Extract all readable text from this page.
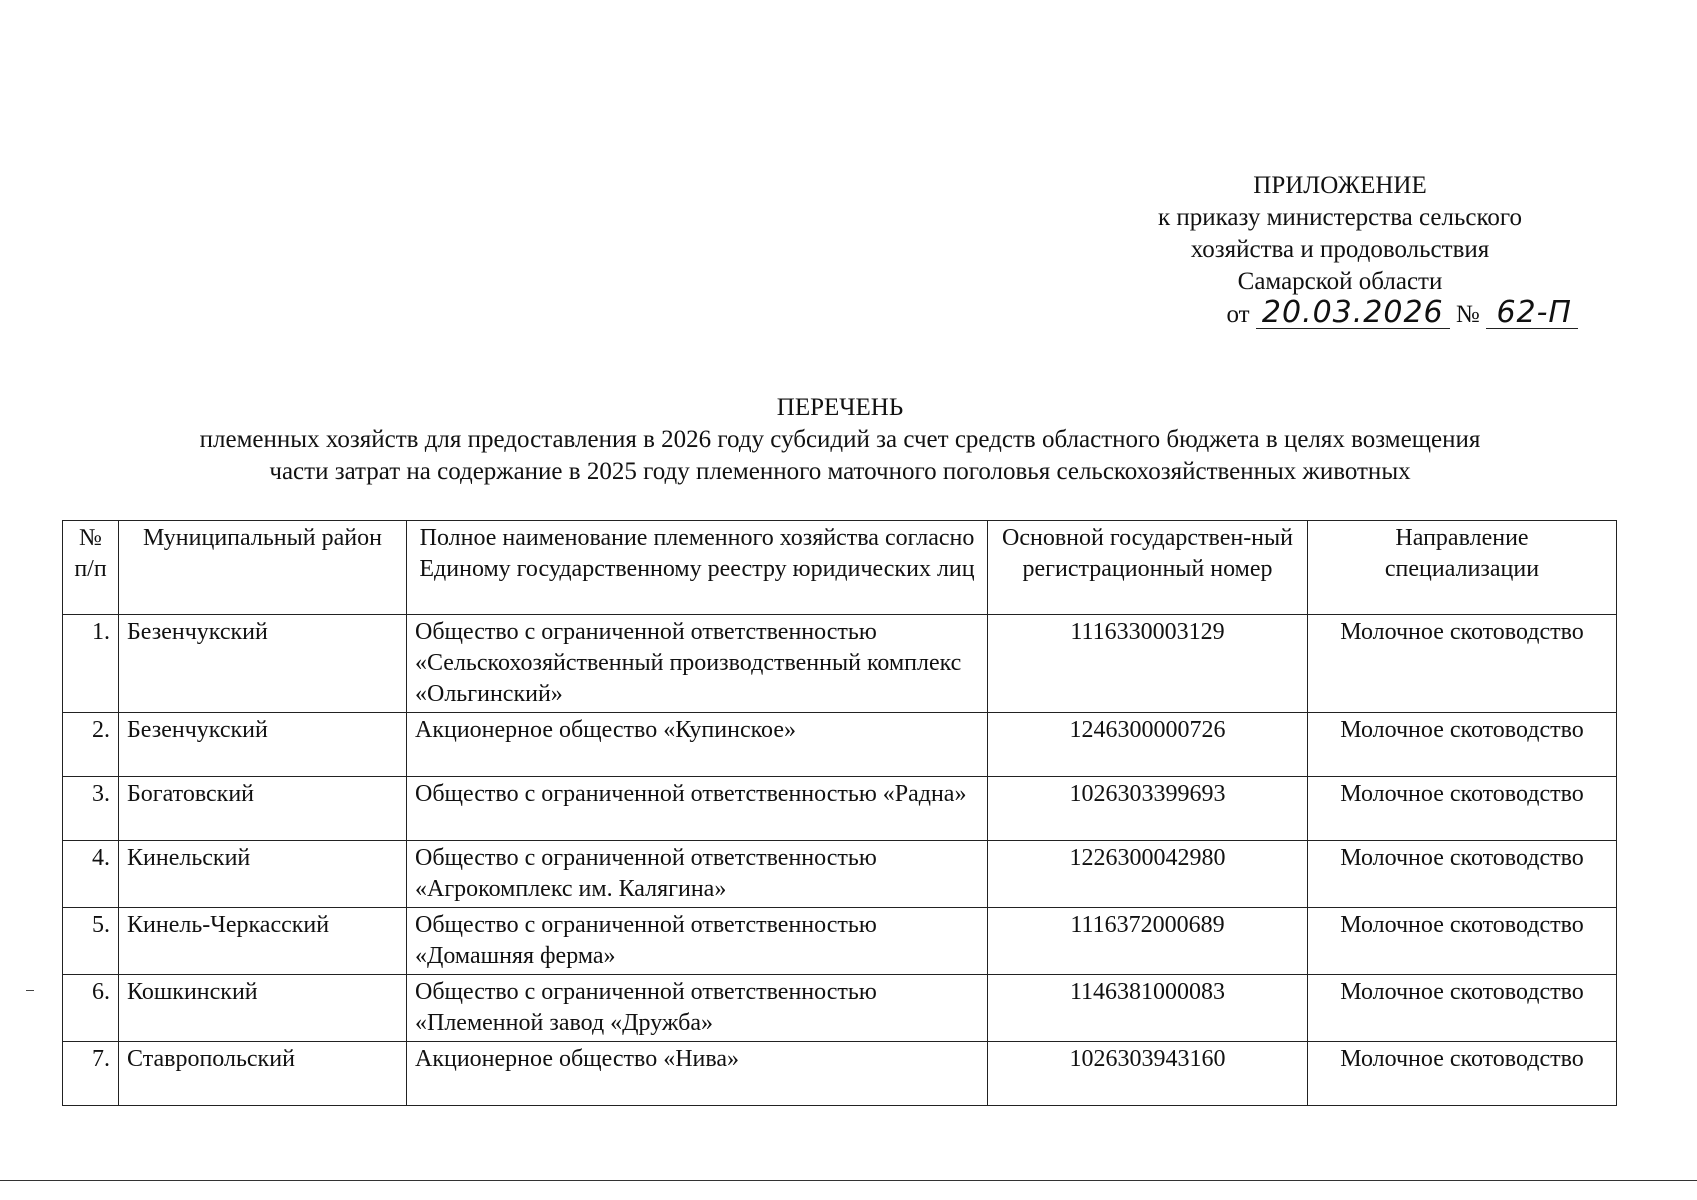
ПРИЛОЖЕНИЕ
к приказу министерства сельского
хозяйства и продовольствия
Самарской области
от 20.03.2026 № 62-П
ПЕРЕЧЕНЬ
племенных хозяйств для предоставления в 2026 году субсидий за счет средств областного бюджета в целях возмещения
части затрат на содержание в 2025 году племенного маточного поголовья сельскохозяйственных животных
№ п/п	Муниципальный район	Полное наименование племенного хозяйства согласно Единому государственному реестру юридических лиц	Основной государствен-ный регистрационный номер	Направление специализации
1.	Безенчукский	Общество с ограниченной ответственностью «Сельскохозяйственный производственный комплекс «Ольгинский»	1116330003129	Молочное скотоводство
2.	Безенчукский	Акционерное общество «Купинское»	1246300000726	Молочное скотоводство
3.	Богатовский	Общество с ограниченной ответственностью «Радна»	1026303399693	Молочное скотоводство
4.	Кинельский	Общество с ограниченной ответственностью «Агрокомплекс им. Калягина»	1226300042980	Молочное скотоводство
5.	Кинель-Черкасский	Общество с ограниченной ответственностью «Домашняя ферма»	1116372000689	Молочное скотоводство
6.	Кошкинский	Общество с ограниченной ответственностью «Племенной завод «Дружба»	1146381000083	Молочное скотоводство
7.	Ставропольский	Акционерное общество «Нива»	1026303943160	Молочное скотоводство
